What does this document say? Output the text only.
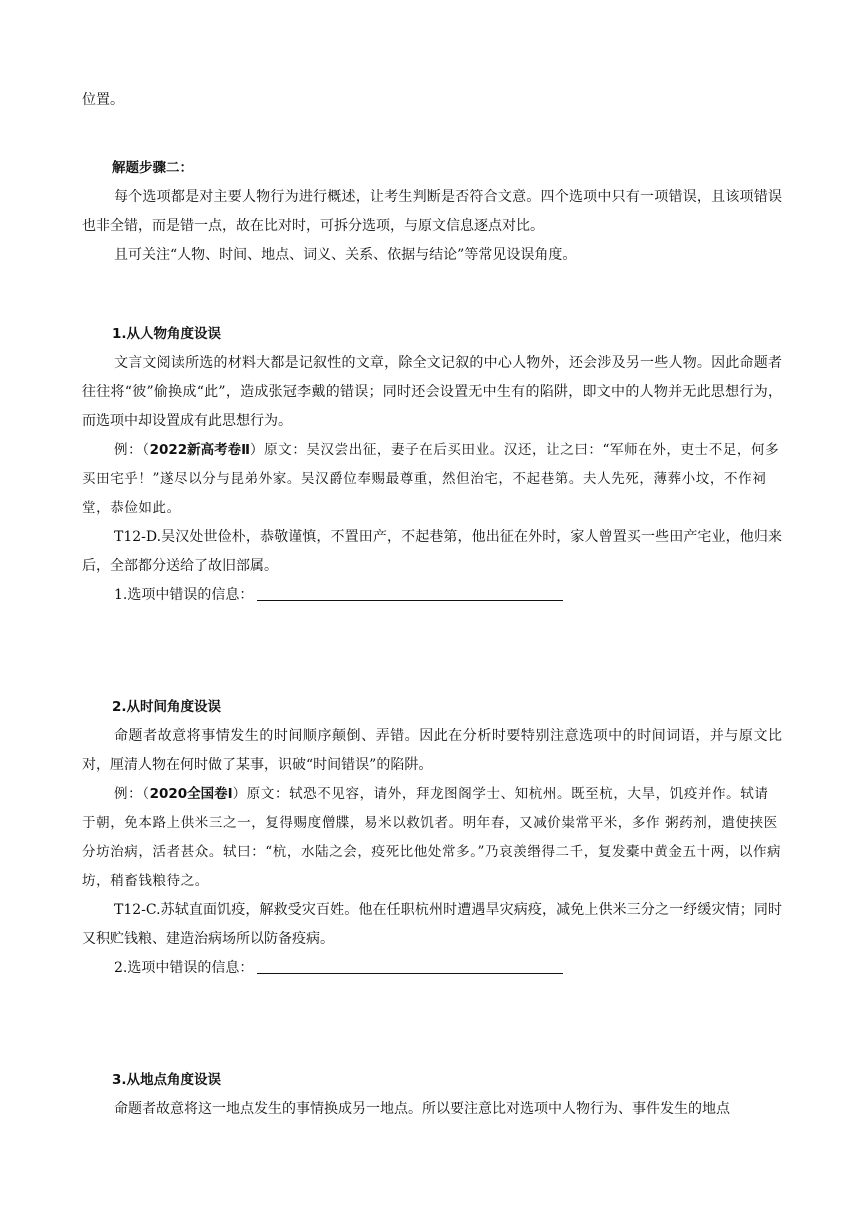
位置。

解题步骤二：

每个选项都是对主要人物行为进行概述，让考生判断是否符合文意。四个选项中只有一项错误，且该项错误也非全错，而是错一点，故在比对时，可拆分选项，与原文信息逐点对比。

且可关注“人物、时间、地点、词义、关系、依据与结论”等常见设误角度。

1.从人物角度设误

文言文阅读所选的材料大都是记叙性的文章，除全文记叙的中心人物外，还会涉及另一些人物。因此命题者往往将“彼”偷换成“此”，造成张冠李戴的错误；同时还会设置无中生有的陷阱，即文中的人物并无此思想行为，而选项中却设置成有此思想行为。

例：（2022新高考卷Ⅱ）原文：吴汉尝出征，妻子在后买田业。汉还，让之曰：“军师在外，吏士不足，何多买田宅乎！”遂尽以分与昆弟外家。吴汉爵位奉赐最尊重，然但治宅，不起巷第。夫人先死，薄葬小坟，不作祠堂，恭俭如此。

T12-D.吴汉处世俭朴，恭敬谨慎，不置田产，不起巷第，他出征在外时，家人曾置买一些田产宅业，他归来后，全部都分送给了故旧部属。

1.选项中错误的信息：

2.从时间角度设误

命题者故意将事情发生的时间顺序颠倒、弄错。因此在分析时要特别注意选项中的时间词语，并与原文比对，厘清人物在何时做了某事，识破“时间错误”的陷阱。

例：（2020全国卷Ⅰ）原文：轼恐不见容，请外，拜龙图阁学士、知杭州。既至杭，大旱，饥疫并作。轼请于朝，免本路上供米三之一，复得赐度僧牒，易米以救饥者。明年春，又减价粜常平米，多作 粥药剂，遣使挟医分坊治病，活者甚众。轼曰：“杭，水陆之会，疫死比他处常多。”乃哀羡缗得二千，复发橐中黄金五十两，以作病坊，稍畜钱粮待之。

T12-C.苏轼直面饥疫，解救受灾百姓。他在任职杭州时遭遇旱灾病疫，减免上供米三分之一纾缓灾情；同时又积贮钱粮、建造治病场所以防备疫病。

2.选项中错误的信息：

3.从地点角度设误

命题者故意将这一地点发生的事情换成另一地点。所以要注意比对选项中人物行为、事件发生的地点
